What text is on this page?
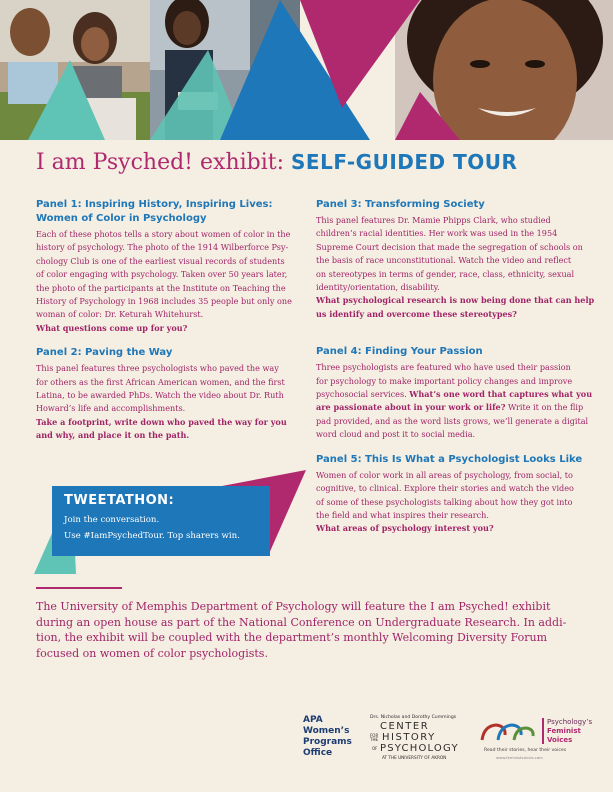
I am Psyched! exhibit: SELF-GUIDED TOUR
Panel 1: Inspiring History, Inspiring Lives:
Women of Color in Psychology
Each of these photos tells a story about women of color in the
history of psychology. The photo of the 1914 Wilberforce Psy-
chology Club is one of the earliest visual records of students
of color engaging with psychology. Taken over 50 years later,
the photo of the participants at the Institute on Teaching the
History of Psychology in 1968 includes 35 people but only one
woman of color: Dr. Keturah Whitehurst.
What questions come up for you?
Panel 2: Paving the Way
This panel features three psychologists who paved the way
for others as the first African American women, and the first
Latina, to be awarded PhDs. Watch the video about Dr. Ruth
Howard’s life and accomplishments.
Take a footprint, write down who paved the way for you
and why, and place it on the path.
Panel 3: Transforming Society
This panel features Dr. Mamie Phipps Clark, who studied
children’s racial identities. Her work was used in the 1954
Supreme Court decision that made the segregation of schools on
the basis of race unconstitutional. Watch the video and reflect
on stereotypes in terms of gender, race, class, ethnicity, sexual
identity/orientation, disability.
What psychological research is now being done that can help
us identify and overcome these stereotypes?
Panel 4: Finding Your Passion
Three psychologists are featured who have used their passion
for psychology to make important policy changes and improve
psychosocial services. What’s one word that captures what you
are passionate about in your work or life? Write it on the flip
pad provided, and as the word lists grows, we’ll generate a digital
word cloud and post it to social media.
Panel 5: This Is What a Psychologist Looks Like
Women of color work in all areas of psychology, from social, to
cognitive, to clinical. Explore their stories and watch the video
of some of these psychologists talking about how they got into
the field and what inspires their research.
What areas of psychology interest you?
TWEETATHON:
Join the conversation.
Use #IamPsychedTour. Top sharers win.
The University of Memphis Department of Psychology will feature the I am Psyched! exhibit
during an open house as part of the National Conference on Undergraduate Research. In addi-
tion, the exhibit will be coupled with the department’s monthly Welcoming Diversity Forum
focused on women of color psychologists.
APA
Women’s
Programs
Office
Drs. Nicholas and Dorothy Cummings
CENTER
FOR THE HISTORY
OF PSYCHOLOGY
AT THE UNIVERSITY OF AKRON
Psychology’s
Feminist
Voices
Read their stories, hear their voices
www.feministvoices.com
